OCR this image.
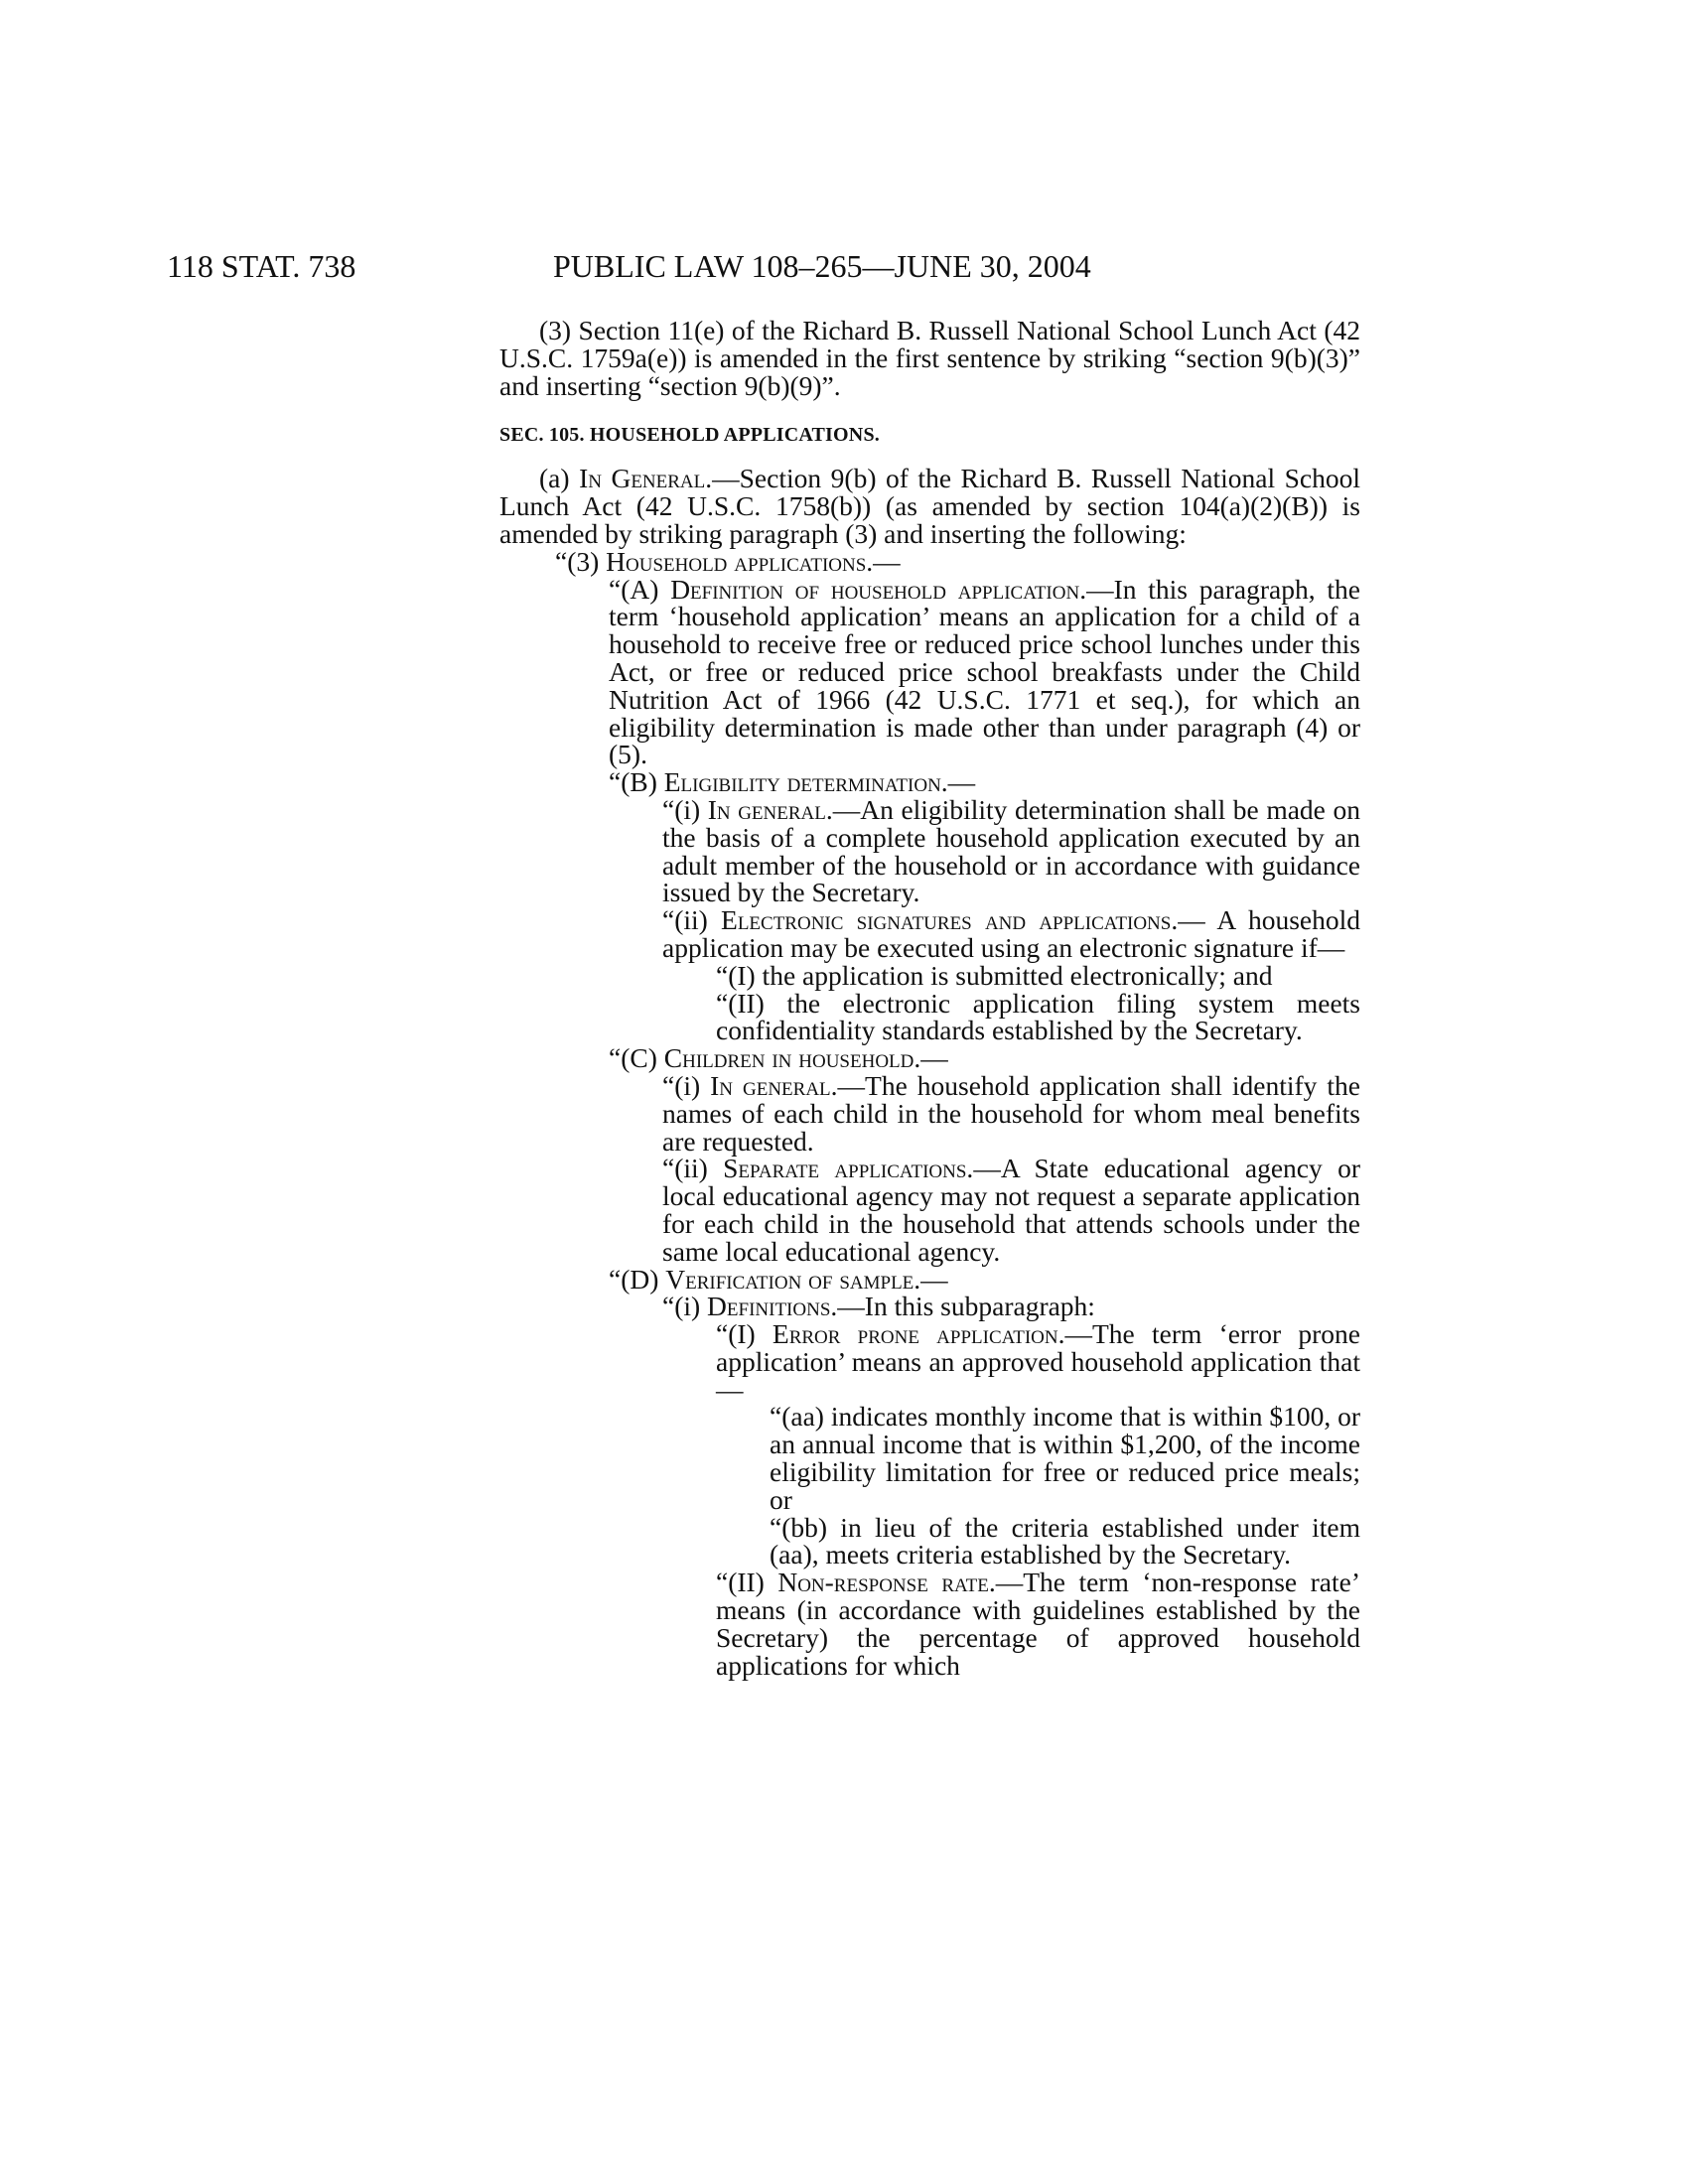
118 STAT. 738	PUBLIC LAW 108–265—JUNE 30, 2004

(3) Section 11(e) of the Richard B. Russell National School Lunch Act (42 U.S.C. 1759a(e)) is amended in the first sentence by striking “section 9(b)(3)” and inserting “section 9(b)(9)”.

SEC. 105. HOUSEHOLD APPLICATIONS.

(a) In General.—Section 9(b) of the Richard B. Russell National School Lunch Act (42 U.S.C. 1758(b)) (as amended by section 104(a)(2)(B)) is amended by striking paragraph (3) and inserting the following:

“(3) Household applications.—

“(A) Definition of household application.—In this paragraph, the term ‘household application’ means an application for a child of a household to receive free or reduced price school lunches under this Act, or free or reduced price school breakfasts under the Child Nutrition Act of 1966 (42 U.S.C. 1771 et seq.), for which an eligibility determination is made other than under paragraph (4) or (5).

“(B) Eligibility determination.—

“(i) In general.—An eligibility determination shall be made on the basis of a complete household application executed by an adult member of the household or in accordance with guidance issued by the Secretary.

“(ii) Electronic signatures and applications.— A household application may be executed using an electronic signature if—

“(I) the application is submitted electronically; and

“(II) the electronic application filing system meets confidentiality standards established by the Secretary.

“(C) Children in household.—

“(i) In general.—The household application shall identify the names of each child in the household for whom meal benefits are requested.

“(ii) Separate applications.—A State educational agency or local educational agency may not request a separate application for each child in the household that attends schools under the same local educational agency.

“(D) Verification of sample.—

“(i) Definitions.—In this subparagraph:

“(I) Error prone application.—The term ‘error prone application’ means an approved household application that—

“(aa) indicates monthly income that is within $100, or an annual income that is within $1,200, of the income eligibility limitation for free or reduced price meals; or

“(bb) in lieu of the criteria established under item (aa), meets criteria established by the Secretary.

“(II) Non-response rate.—The term ‘non-response rate’ means (in accordance with guidelines established by the Secretary) the percentage of approved household applications for which
